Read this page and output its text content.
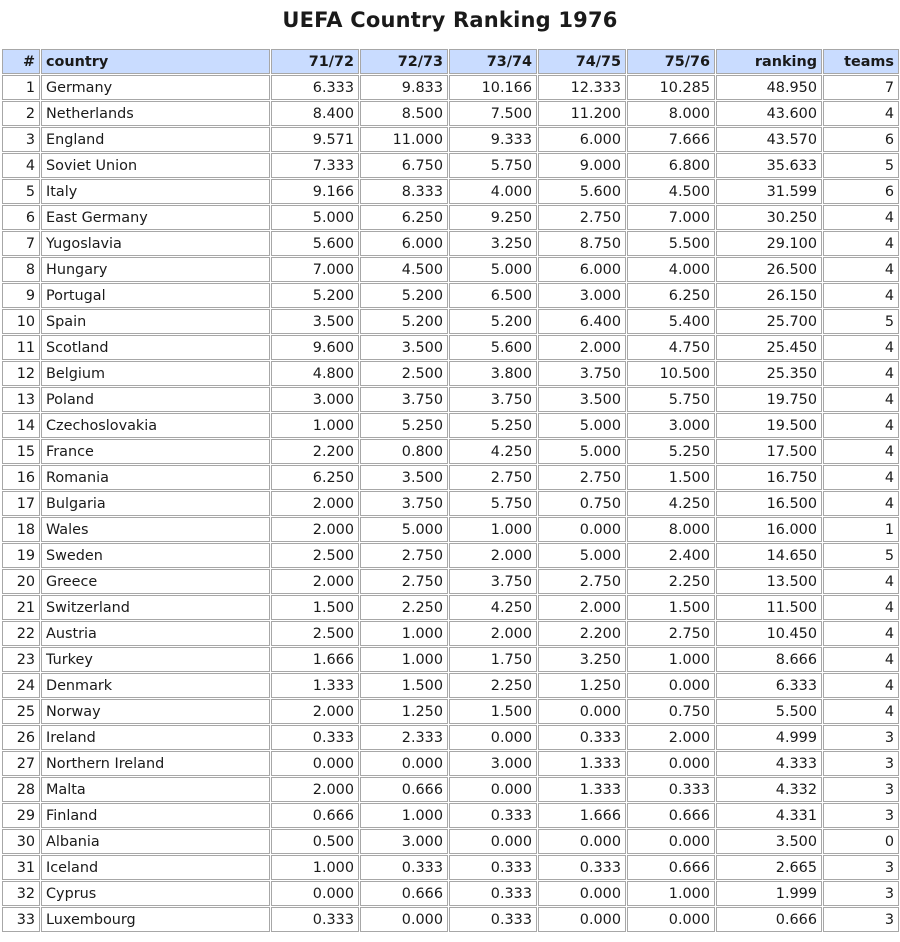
UEFA Country Ranking 1976
#	country	71/72	72/73	73/74	74/75	75/76	ranking	teams
1	Germany	6.333	9.833	10.166	12.333	10.285	48.950	7
2	Netherlands	8.400	8.500	7.500	11.200	8.000	43.600	4
3	England	9.571	11.000	9.333	6.000	7.666	43.570	6
4	Soviet Union	7.333	6.750	5.750	9.000	6.800	35.633	5
5	Italy	9.166	8.333	4.000	5.600	4.500	31.599	6
6	East Germany	5.000	6.250	9.250	2.750	7.000	30.250	4
7	Yugoslavia	5.600	6.000	3.250	8.750	5.500	29.100	4
8	Hungary	7.000	4.500	5.000	6.000	4.000	26.500	4
9	Portugal	5.200	5.200	6.500	3.000	6.250	26.150	4
10	Spain	3.500	5.200	5.200	6.400	5.400	25.700	5
11	Scotland	9.600	3.500	5.600	2.000	4.750	25.450	4
12	Belgium	4.800	2.500	3.800	3.750	10.500	25.350	4
13	Poland	3.000	3.750	3.750	3.500	5.750	19.750	4
14	Czechoslovakia	1.000	5.250	5.250	5.000	3.000	19.500	4
15	France	2.200	0.800	4.250	5.000	5.250	17.500	4
16	Romania	6.250	3.500	2.750	2.750	1.500	16.750	4
17	Bulgaria	2.000	3.750	5.750	0.750	4.250	16.500	4
18	Wales	2.000	5.000	1.000	0.000	8.000	16.000	1
19	Sweden	2.500	2.750	2.000	5.000	2.400	14.650	5
20	Greece	2.000	2.750	3.750	2.750	2.250	13.500	4
21	Switzerland	1.500	2.250	4.250	2.000	1.500	11.500	4
22	Austria	2.500	1.000	2.000	2.200	2.750	10.450	4
23	Turkey	1.666	1.000	1.750	3.250	1.000	8.666	4
24	Denmark	1.333	1.500	2.250	1.250	0.000	6.333	4
25	Norway	2.000	1.250	1.500	0.000	0.750	5.500	4
26	Ireland	0.333	2.333	0.000	0.333	2.000	4.999	3
27	Northern Ireland	0.000	0.000	3.000	1.333	0.000	4.333	3
28	Malta	2.000	0.666	0.000	1.333	0.333	4.332	3
29	Finland	0.666	1.000	0.333	1.666	0.666	4.331	3
30	Albania	0.500	3.000	0.000	0.000	0.000	3.500	0
31	Iceland	1.000	0.333	0.333	0.333	0.666	2.665	3
32	Cyprus	0.000	0.666	0.333	0.000	1.000	1.999	3
33	Luxembourg	0.333	0.000	0.333	0.000	0.000	0.666	3
